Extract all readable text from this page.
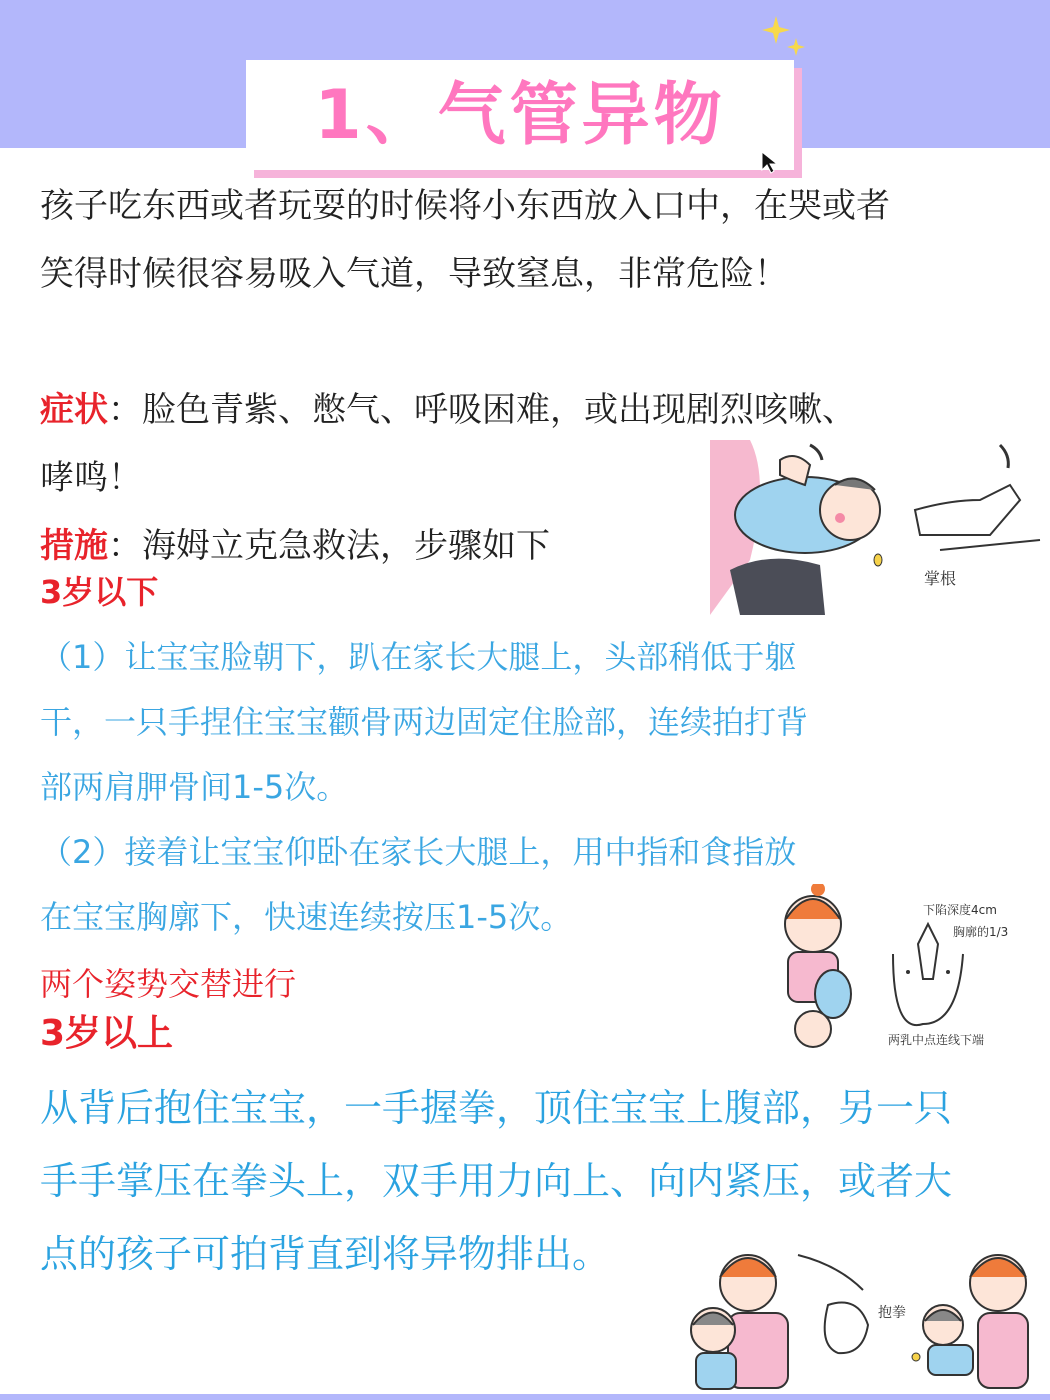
1、气管异物

孩子吃东西或者玩耍的时候将小东西放入口中，在哭或者笑得时候很容易吸入气道，导致窒息，非常危险！

症状：脸色青紫、憋气、呼吸困难，或出现剧烈咳嗽、哮鸣！

措施：海姆立克急救法，步骤如下

3岁以下

（1）让宝宝脸朝下，趴在家长大腿上，头部稍低于躯干，一只手捏住宝宝颧骨两边固定住脸部，连续拍打背部两肩胛骨间1-5次。

（2）接着让宝宝仰卧在家长大腿上，用中指和食指放在宝宝胸廓下，快速连续按压1-5次。

两个姿势交替进行

3岁以上

从背后抱住宝宝，一手握拳，顶住宝宝上腹部，另一只手手掌压在拳头上，双手用力向上、向内紧压，或者大点的孩子可拍背直到将异物排出。

掌根
下陷深度4cm
胸廓的1/3
两乳中点连线下端
抱拳
